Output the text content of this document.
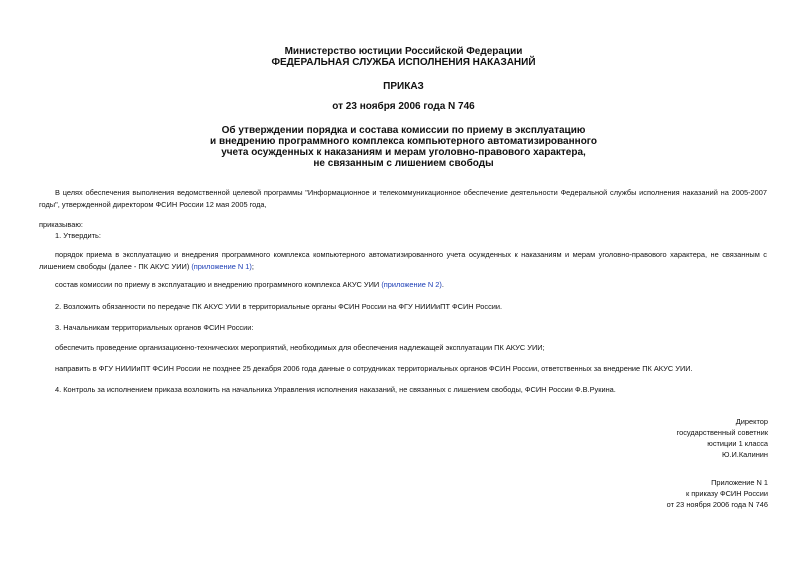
Министерство юстиции Российской Федерации
ФЕДЕРАЛЬНАЯ СЛУЖБА ИСПОЛНЕНИЯ НАКАЗАНИЙ
ПРИКАЗ
от 23 ноября 2006 года N 746
Об утверждении порядка и состава комиссии по приему в эксплуатацию
и внедрению программного комплекса компьютерного автоматизированного
учета осужденных к наказаниям и мерам уголовно-правового характера,
не связанным с лишением свободы
В целях обеспечения выполнения ведомственной целевой программы "Информационное и телекоммуникационное обеспечение деятельности Федеральной службы исполнения наказаний на 2005-2007 годы", утвержденной директором ФСИН России 12 мая 2005 года,
приказываю:
1. Утвердить:
порядок приема в эксплуатацию и внедрения программного комплекса компьютерного автоматизированного учета осужденных к наказаниям и мерам уголовно-правового характера, не связанным с лишением свободы (далее - ПК АКУС УИИ) (приложение N 1);
состав комиссии по приему в эксплуатацию и внедрению программного комплекса АКУС УИИ (приложение N 2).
2. Возложить обязанности по передаче ПК АКУС УИИ в территориальные органы ФСИН России на ФГУ НИИИиПТ ФСИН России.
3. Начальникам территориальных органов ФСИН России:
обеспечить проведение организационно-технических мероприятий, необходимых для обеспечения надлежащей эксплуатации ПК АКУС УИИ;
направить в ФГУ НИИИиПТ ФСИН России не позднее 25 декабря 2006 года данные о сотрудниках территориальных органов ФСИН России, ответственных за внедрение ПК АКУС УИИ.
4. Контроль за исполнением приказа возложить на начальника Управления исполнения наказаний, не связанных с лишением свободы, ФСИН России Ф.В.Рукина.
Директор
государственный советник
юстиции 1 класса
Ю.И.Калинин
Приложение N 1
к приказу ФСИН России
от 23 ноября 2006 года N 746
